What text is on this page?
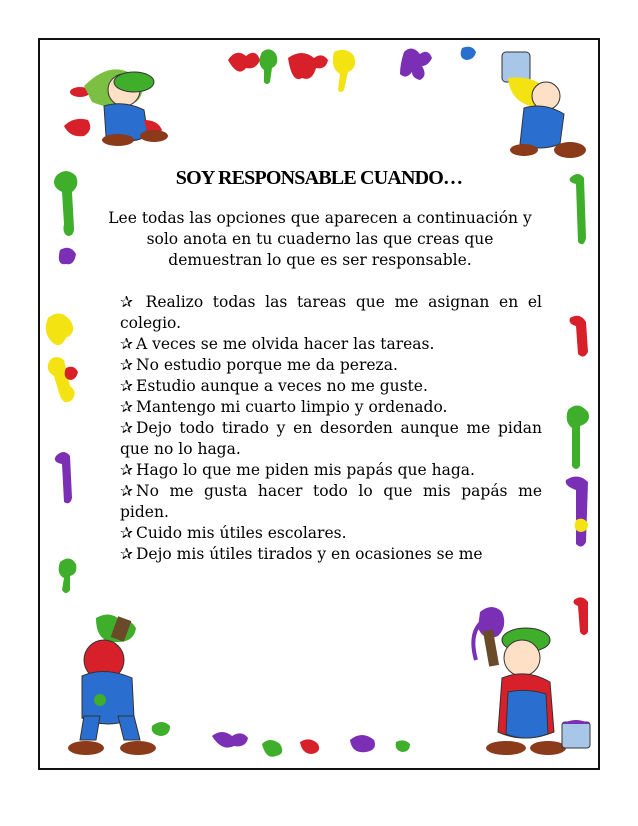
SOY RESPONSABLE CUANDO…
Lee todas las opciones que aparecen a continuación y solo anota en tu cuaderno las que creas que demuestran lo que es ser responsable.
✰ Realizo todas las tareas que me asignan en el colegio.
✰ A veces se me olvida hacer las tareas.
✰ No estudio porque me da pereza.
✰ Estudio aunque a veces no me guste.
✰ Mantengo mi cuarto limpio y ordenado.
✰ Dejo todo tirado y en desorden aunque me pidan que no lo haga.
✰ Hago lo que me piden mis papás que haga.
✰ No me gusta hacer todo lo que mis papás me piden.
✰ Cuido mis útiles escolares.
✰ Dejo mis útiles tirados y en ocasiones se me
